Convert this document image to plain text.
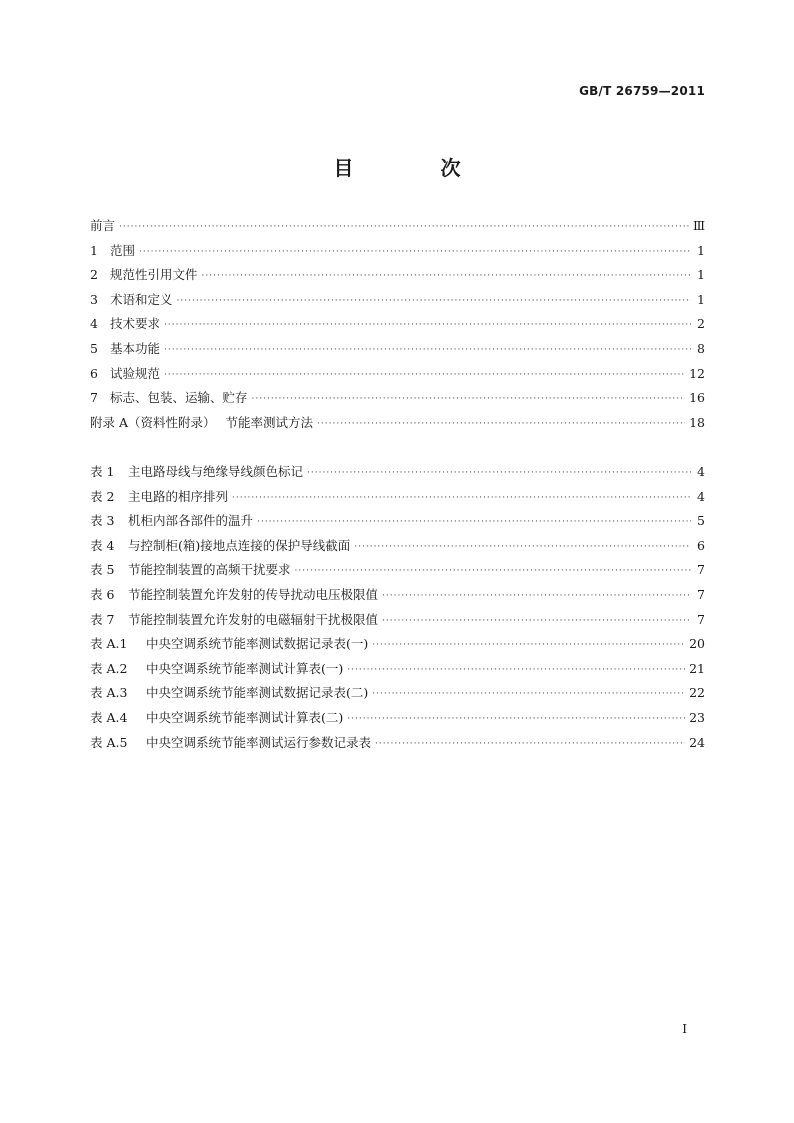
GB/T 26759—2011
目 次
前言 ·····	Ⅲ
1 范围 ·····	1
2 规范性引用文件 ·····	1
3 术语和定义 ·····	1
4 技术要求 ·····	2
5 基本功能 ·····	8
6 试验规范 ·····	12
7 标志、包装、运输、贮存 ·····	16
附录 A（资料性附录） 节能率测试方法 ·····	18
表 1	主电路母线与绝缘导线颜色标记 ·····	4
表 2	主电路的相序排列 ·····	4
表 3	机柜内部各部件的温升 ·····	5
表 4	与控制柜(箱)接地点连接的保护导线截面 ·····	6
表 5	节能控制装置的高频干扰要求 ·····	7
表 6	节能控制装置允许发射的传导扰动电压极限值 ·····	7
表 7	节能控制装置允许发射的电磁辐射干扰极限值 ·····	7
表 A.1	中央空调系统节能率测试数据记录表(一) ·····	20
表 A.2	中央空调系统节能率测试计算表(一) ·····	21
表 A.3	中央空调系统节能率测试数据记录表(二) ·····	22
表 A.4	中央空调系统节能率测试计算表(二) ·····	23
表 A.5	中央空调系统节能率测试运行参数记录表 ·····	24
I
